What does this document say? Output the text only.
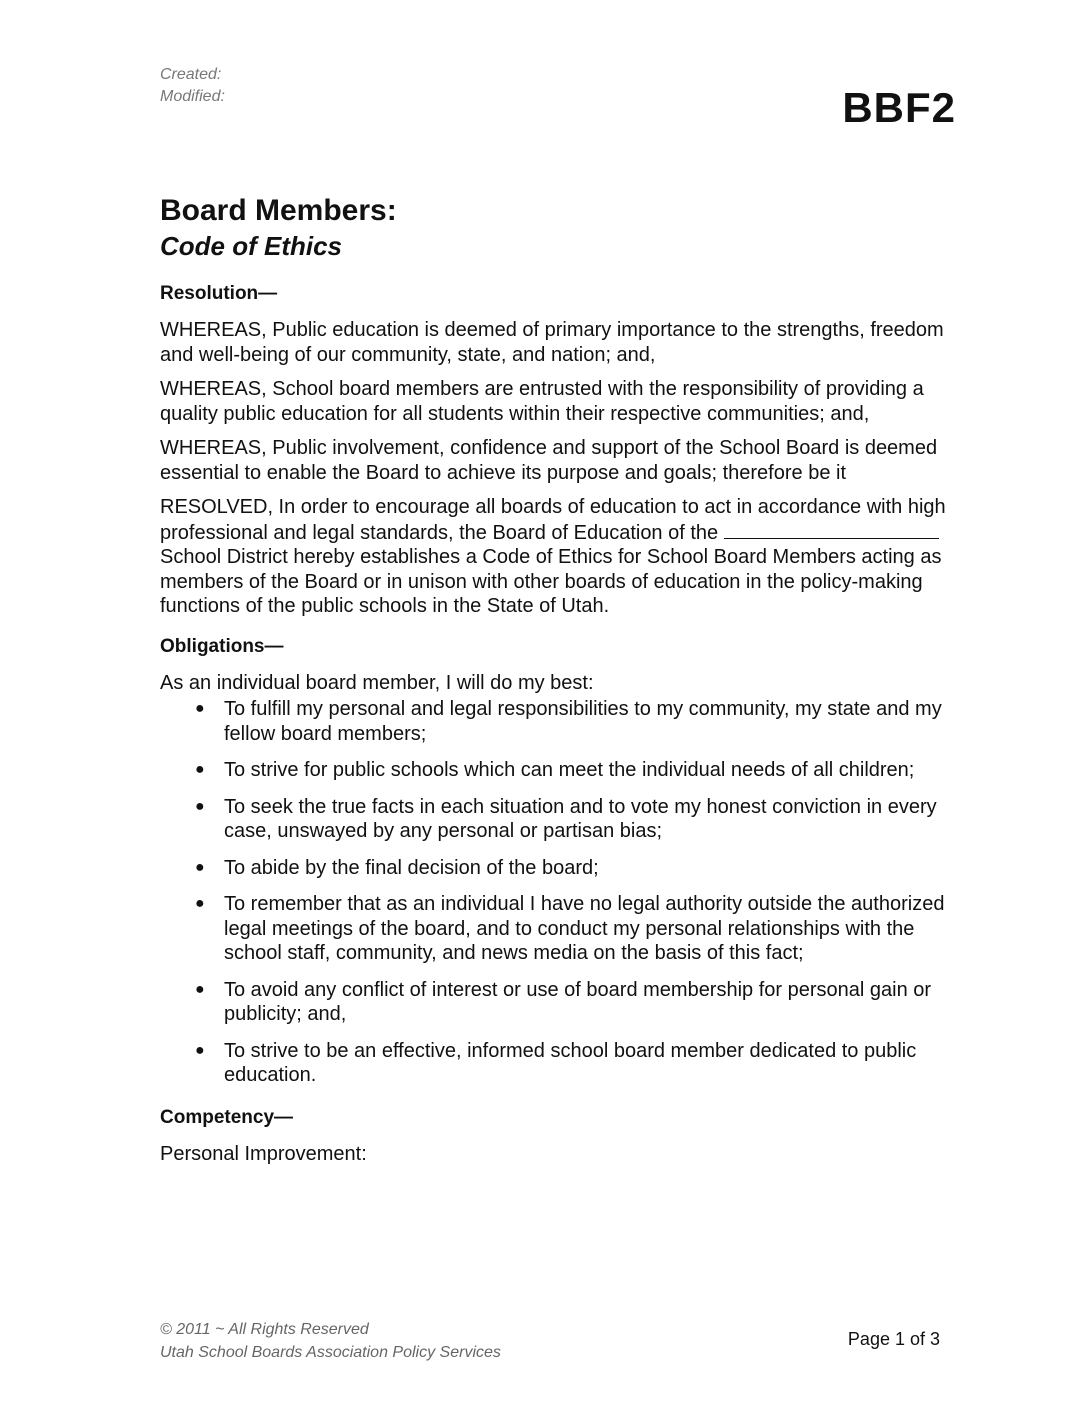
Created:
Modified:	BBF2
Board Members:
Code of Ethics
Resolution—

WHEREAS, Public education is deemed of primary importance to the strengths, freedom and well-being of our community, state, and nation; and,

WHEREAS, School board members are entrusted with the responsibility of providing a quality public education for all students within their respective communities; and,

WHEREAS, Public involvement, confidence and support of the School Board is deemed essential to enable the Board to achieve its purpose and goals; therefore be it

RESOLVED, In order to encourage all boards of education to act in accordance with high professional and legal standards, the Board of Education of the School District hereby establishes a Code of Ethics for School Board Members acting as members of the Board or in unison with other boards of education in the policy-making functions of the public schools in the State of Utah.

Obligations—

As an individual board member, I will do my best:

● To fulfill my personal and legal responsibilities to my community, my state and my fellow board members;
● To strive for public schools which can meet the individual needs of all children;
● To seek the true facts in each situation and to vote my honest conviction in every case, unswayed by any personal or partisan bias;
● To abide by the final decision of the board;
● To remember that as an individual I have no legal authority outside the authorized legal meetings of the board, and to conduct my personal relationships with the school staff, community, and news media on the basis of this fact;
● To avoid any conflict of interest or use of board membership for personal gain or publicity; and,
● To strive to be an effective, informed school board member dedicated to public education.
Competency—

Personal Improvement:

© 2011 ~ All Rights Reserved
Utah School Boards Association Policy Services
Page 1 of 3
